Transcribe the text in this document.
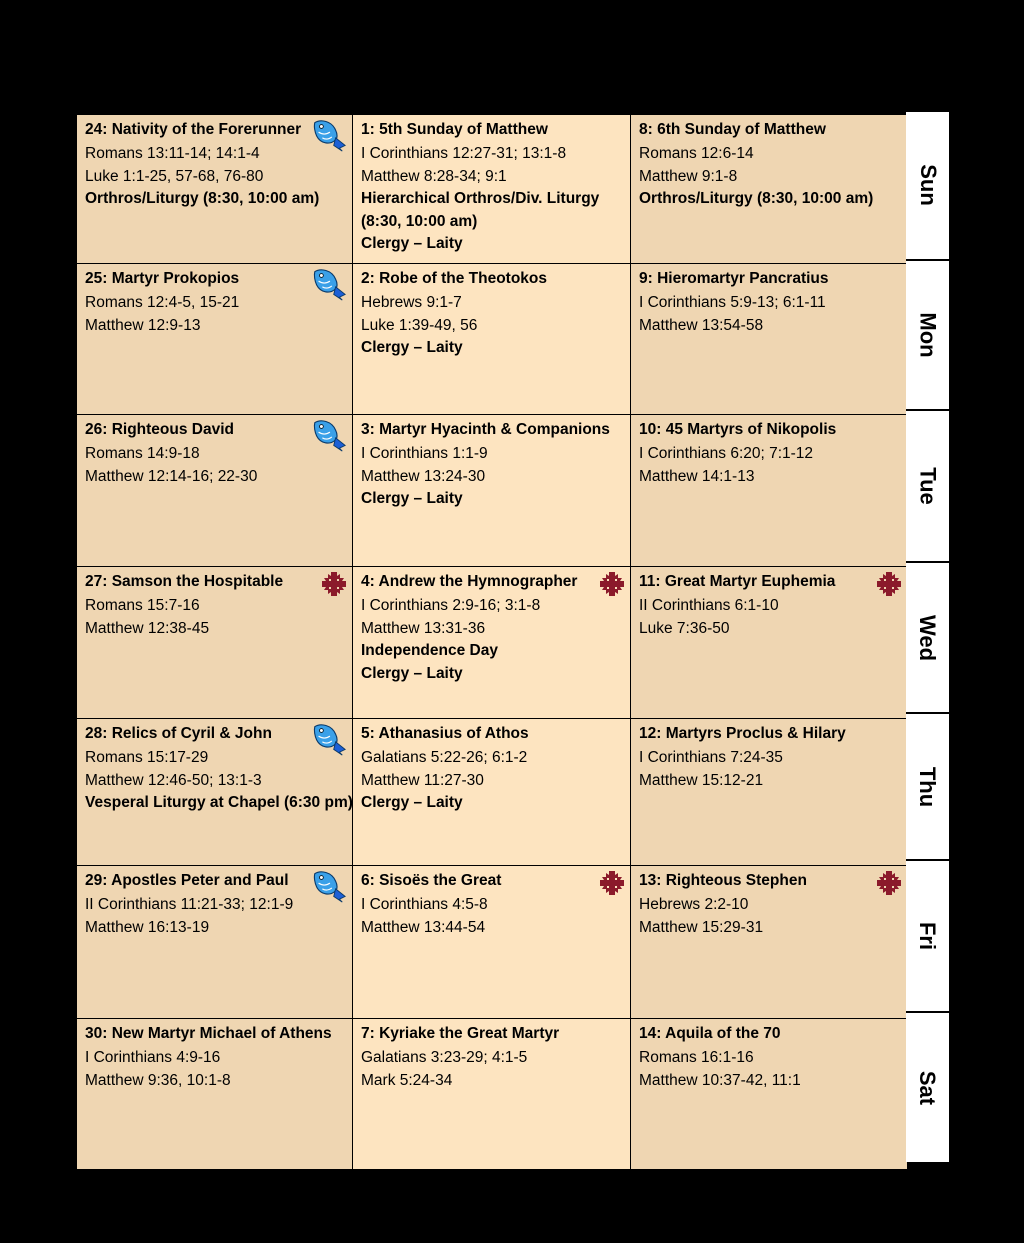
24: Nativity of the Forerunner
Romans 13:11-14; 14:1-4
Luke 1:1-25, 57-68, 76-80
Orthros/Liturgy (8:30, 10:00 am)
1: 5th Sunday of Matthew
I Corinthians 12:27-31; 13:1-8
Matthew 8:28-34; 9:1
Hierarchical Orthros/Div. Liturgy (8:30, 10:00 am)
Clergy – Laity
8: 6th Sunday of Matthew
Romans 12:6-14
Matthew 9:1-8
Orthros/Liturgy (8:30, 10:00 am)
25: Martyr Prokopios
Romans 12:4-5, 15-21
Matthew 12:9-13
2: Robe of the Theotokos
Hebrews 9:1-7
Luke 1:39-49, 56
Clergy – Laity
9: Hieromartyr Pancratius
I Corinthians 5:9-13; 6:1-11
Matthew 13:54-58
26: Righteous David
Romans 14:9-18
Matthew 12:14-16; 22-30
3: Martyr Hyacinth & Companions
I Corinthians 1:1-9
Matthew 13:24-30
Clergy – Laity
10: 45 Martyrs of Nikopolis
I Corinthians 6:20; 7:1-12
Matthew 14:1-13
27: Samson the Hospitable
Romans 15:7-16
Matthew 12:38-45
4: Andrew the Hymnographer
I Corinthians 2:9-16; 3:1-8
Matthew 13:31-36
Independence Day
Clergy – Laity
11: Great Martyr Euphemia
II Corinthians 6:1-10
Luke 7:36-50
28: Relics of Cyril & John
Romans 15:17-29
Matthew 12:46-50; 13:1-3
Vesperal Liturgy at Chapel (6:30 pm)
5: Athanasius of Athos
Galatians 5:22-26; 6:1-2
Matthew 11:27-30
Clergy – Laity
12: Martyrs Proclus & Hilary
I Corinthians 7:24-35
Matthew 15:12-21
29: Apostles Peter and Paul
II Corinthians 11:21-33; 12:1-9
Matthew 16:13-19
6: Sisoës the Great
I Corinthians 4:5-8
Matthew 13:44-54
13: Righteous Stephen
Hebrews 2:2-10
Matthew 15:29-31
30: New Martyr Michael of Athens
I Corinthians 4:9-16
Matthew 9:36, 10:1-8
7: Kyriake the Great Martyr
Galatians 3:23-29; 4:1-5
Mark 5:24-34
14: Aquila of the 70
Romans 16:1-16
Matthew 10:37-42, 11:1
Sun
Mon
Tue
Wed
Thu
Fri
Sat
